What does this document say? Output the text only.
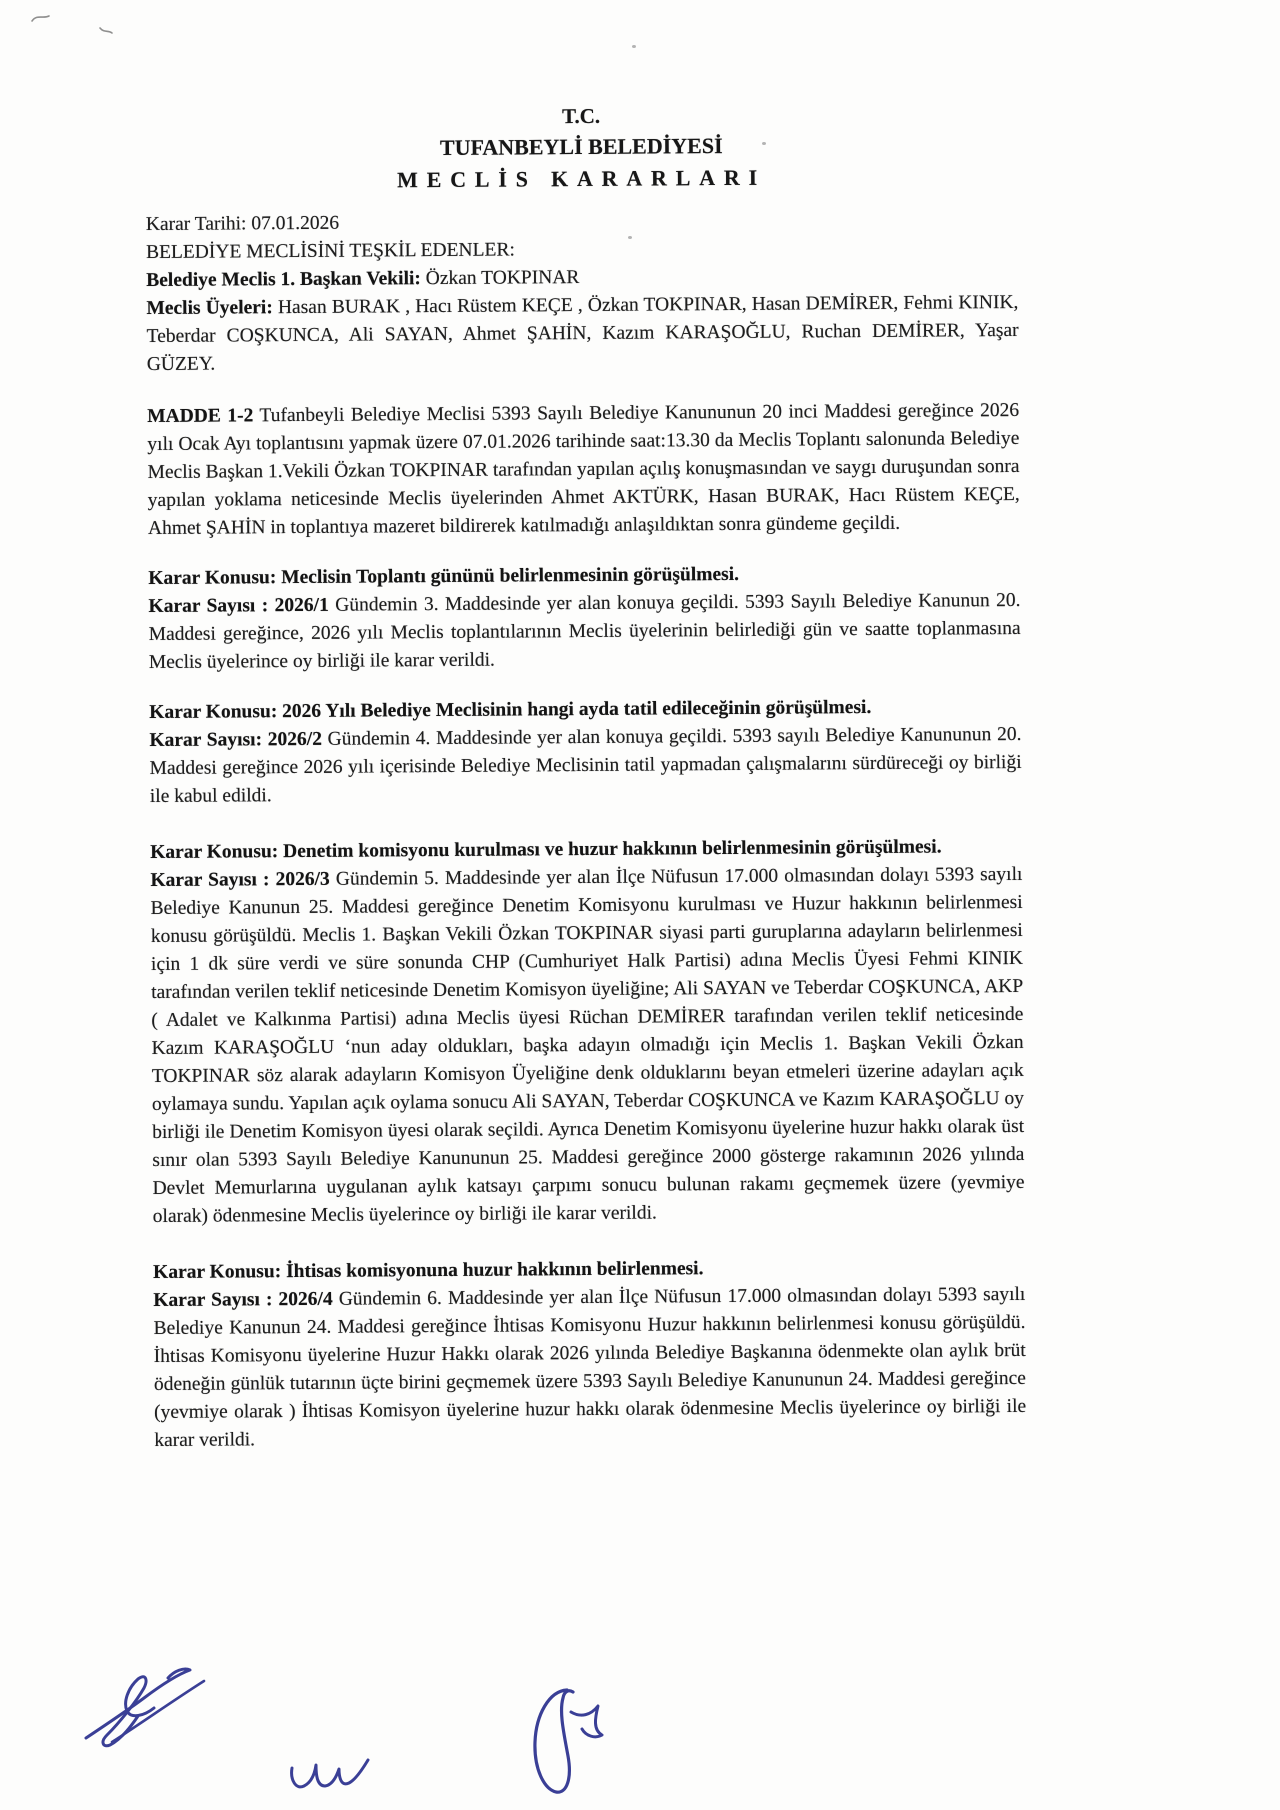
T.C.
TUFANBEYLİ BELEDİYESİ
MECLİS KARARLARI

Karar Tarihi: 07.01.2026

BELEDİYE MECLİSİNİ TEŞKİL EDENLER:

Belediye Meclis 1. Başkan Vekili: Özkan TOKPINAR

Meclis Üyeleri: Hasan BURAK , Hacı Rüstem KEÇE , Özkan TOKPINAR, Hasan DEMİRER, Fehmi KINIK, Teberdar COŞKUNCA, Ali SAYAN, Ahmet ŞAHİN, Kazım KARAŞOĞLU, Ruchan DEMİRER, Yaşar GÜZEY.

MADDE 1-2 Tufanbeyli Belediye Meclisi 5393 Sayılı Belediye Kanununun 20 inci Maddesi gereğince 2026 yılı Ocak Ayı toplantısını yapmak üzere 07.01.2026 tarihinde saat:13.30 da Meclis Toplantı salonunda Belediye Meclis Başkan 1.Vekili Özkan TOKPINAR tarafından yapılan açılış konuşmasından ve saygı duruşundan sonra yapılan yoklama neticesinde Meclis üyelerinden Ahmet AKTÜRK, Hasan BURAK, Hacı Rüstem KEÇE, Ahmet ŞAHİN in toplantıya mazeret bildirerek katılmadığı anlaşıldıktan sonra gündeme geçildi.

Karar Konusu: Meclisin Toplantı gününü belirlenmesinin görüşülmesi.

Karar Sayısı : 2026/1 Gündemin 3. Maddesinde yer alan konuya geçildi. 5393 Sayılı Belediye Kanunun 20. Maddesi gereğince, 2026 yılı Meclis toplantılarının Meclis üyelerinin belirlediği gün ve saatte toplanmasına Meclis üyelerince oy birliği ile karar verildi.

Karar Konusu: 2026 Yılı Belediye Meclisinin hangi ayda tatil edileceğinin görüşülmesi.

Karar Sayısı: 2026/2 Gündemin 4. Maddesinde yer alan konuya geçildi. 5393 sayılı Belediye Kanununun 20. Maddesi gereğince 2026 yılı içerisinde Belediye Meclisinin tatil yapmadan çalışmalarını sürdüreceği oy birliği ile kabul edildi.

Karar Konusu: Denetim komisyonu kurulması ve huzur hakkının belirlenmesinin görüşülmesi.

Karar Sayısı : 2026/3 Gündemin 5. Maddesinde yer alan İlçe Nüfusun 17.000 olmasından dolayı 5393 sayılı Belediye Kanunun 25. Maddesi gereğince Denetim Komisyonu kurulması ve Huzur hakkının belirlenmesi konusu görüşüldü. Meclis 1. Başkan Vekili Özkan TOKPINAR siyasi parti guruplarına adayların belirlenmesi için 1 dk süre verdi ve süre sonunda CHP (Cumhuriyet Halk Partisi) adına Meclis Üyesi Fehmi KINIK tarafından verilen teklif neticesinde Denetim Komisyon üyeliğine; Ali SAYAN ve Teberdar COŞKUNCA, AKP ( Adalet ve Kalkınma Partisi) adına Meclis üyesi Rüchan DEMİRER tarafından verilen teklif neticesinde Kazım KARAŞOĞLU ‘nun aday oldukları, başka adayın olmadığı için Meclis 1. Başkan Vekili Özkan TOKPINAR söz alarak adayların Komisyon Üyeliğine denk olduklarını beyan etmeleri üzerine adayları açık oylamaya sundu. Yapılan açık oylama sonucu Ali SAYAN, Teberdar COŞKUNCA ve Kazım KARAŞOĞLU oy birliği ile Denetim Komisyon üyesi olarak seçildi. Ayrıca Denetim Komisyonu üyelerine huzur hakkı olarak üst sınır olan 5393 Sayılı Belediye Kanununun 25. Maddesi gereğince 2000 gösterge rakamının 2026 yılında Devlet Memurlarına uygulanan aylık katsayı çarpımı sonucu bulunan rakamı geçmemek üzere (yevmiye olarak) ödenmesine Meclis üyelerince oy birliği ile karar verildi.

Karar Konusu: İhtisas komisyonuna huzur hakkının belirlenmesi.

Karar Sayısı : 2026/4 Gündemin 6. Maddesinde yer alan İlçe Nüfusun 17.000 olmasından dolayı 5393 sayılı Belediye Kanunun 24. Maddesi gereğince İhtisas Komisyonu Huzur hakkının belirlenmesi konusu görüşüldü. İhtisas Komisyonu üyelerine Huzur Hakkı olarak 2026 yılında Belediye Başkanına ödenmekte olan aylık brüt ödeneğin günlük tutarının üçte birini geçmemek üzere 5393 Sayılı Belediye Kanununun 24. Maddesi gereğince (yevmiye olarak ) İhtisas Komisyon üyelerine huzur hakkı olarak ödenmesine Meclis üyelerince oy birliği ile karar verildi.
